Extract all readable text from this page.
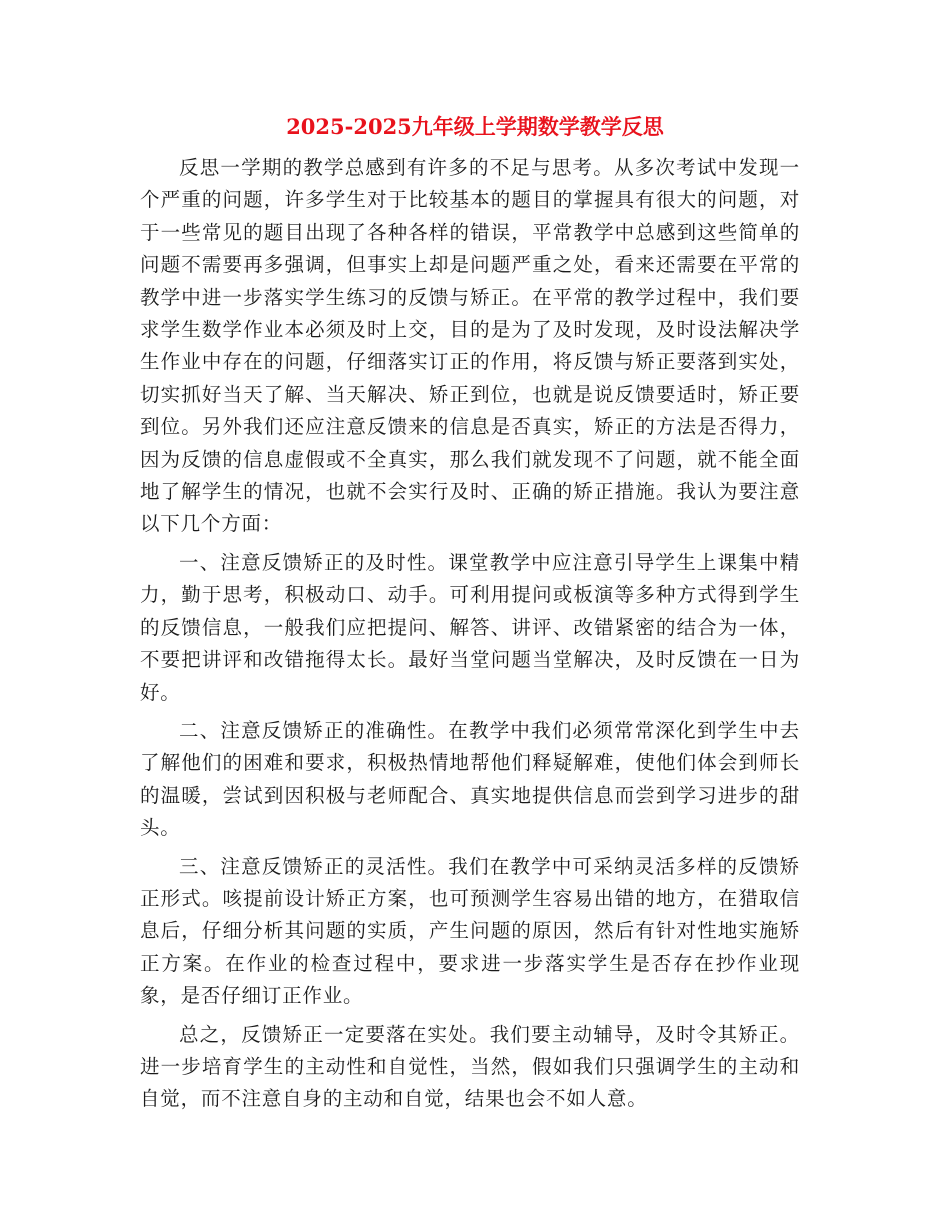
2025-2025九年级上学期数学教学反思

反思一学期的教学总感到有许多的不足与思考。从多次考试中发现一个严重的问题，许多学生对于比较基本的题目的掌握具有很大的问题，对于一些常见的题目出现了各种各样的错误，平常教学中总感到这些简单的问题不需要再多强调，但事实上却是问题严重之处，看来还需要在平常的教学中进一步落实学生练习的反馈与矫正。在平常的教学过程中，我们要求学生数学作业本必须及时上交，目的是为了及时发现，及时设法解决学生作业中存在的问题，仔细落实订正的作用，将反馈与矫正要落到实处，切实抓好当天了解、当天解决、矫正到位，也就是说反馈要适时，矫正要到位。另外我们还应注意反馈来的信息是否真实，矫正的方法是否得力，因为反馈的信息虚假或不全真实，那么我们就发现不了问题，就不能全面地了解学生的情况，也就不会实行及时、正确的矫正措施。我认为要注意以下几个方面：

一、注意反馈矫正的及时性。课堂教学中应注意引导学生上课集中精力，勤于思考，积极动口、动手。可利用提问或板演等多种方式得到学生的反馈信息，一般我们应把提问、解答、讲评、改错紧密的结合为一体，不要把讲评和改错拖得太长。最好当堂问题当堂解决，及时反馈在一日为好。

二、注意反馈矫正的准确性。在教学中我们必须常常深化到学生中去了解他们的困难和要求，积极热情地帮他们释疑解难，使他们体会到师长的温暖，尝试到因积极与老师配合、真实地提供信息而尝到学习进步的甜头。

三、注意反馈矫正的灵活性。我们在教学中可采纳灵活多样的反馈矫正形式。咳提前设计矫正方案，也可预测学生容易出错的地方，在猎取信息后，仔细分析其问题的实质，产生问题的原因，然后有针对性地实施矫正方案。在作业的检查过程中，要求进一步落实学生是否存在抄作业现象，是否仔细订正作业。

总之，反馈矫正一定要落在实处。我们要主动辅导，及时令其矫正。进一步培育学生的主动性和自觉性，当然，假如我们只强调学生的主动和自觉，而不注意自身的主动和自觉，结果也会不如人意。
